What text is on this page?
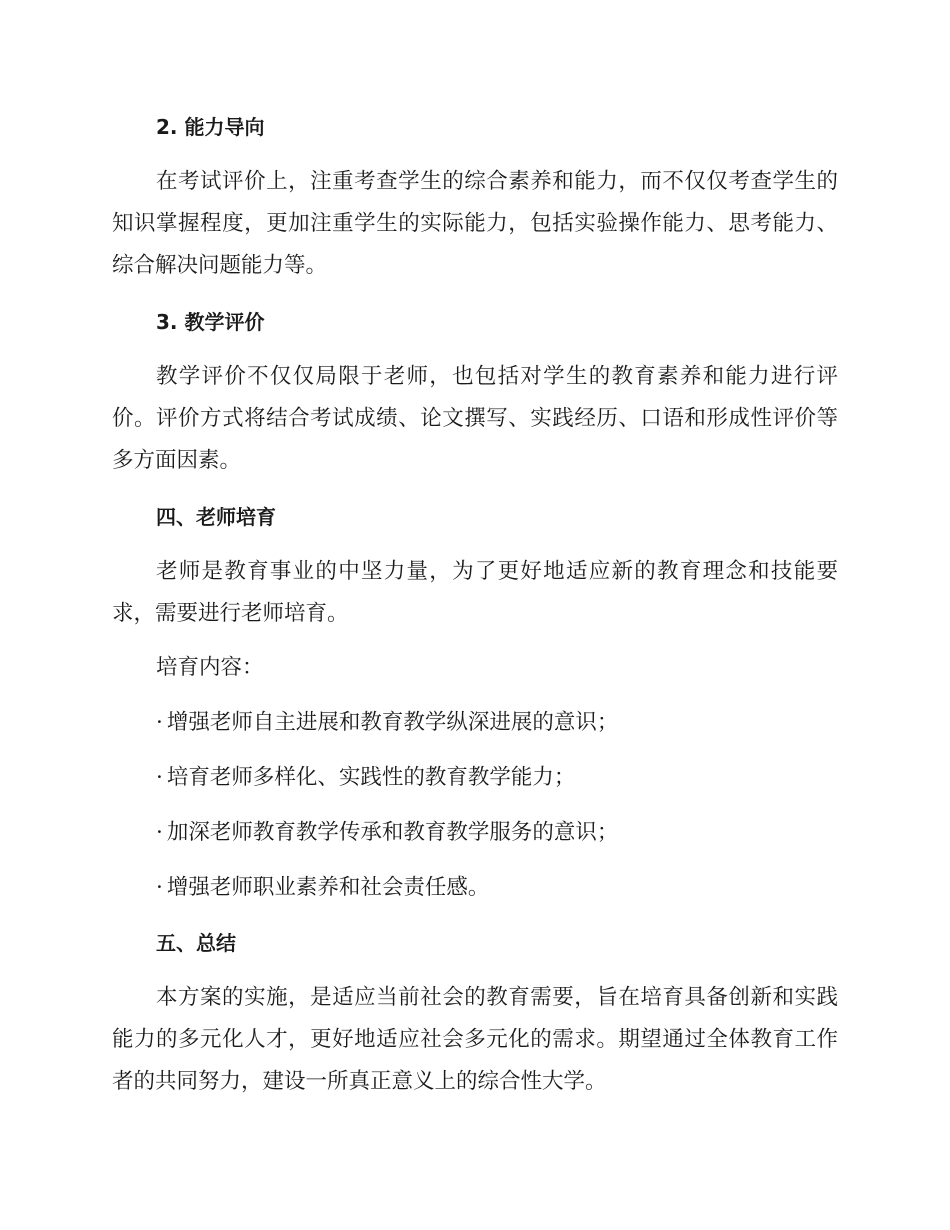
2. 能力导向

在考试评价上，注重考查学生的综合素养和能力，而不仅仅考查学生的知识掌握程度，更加注重学生的实际能力，包括实验操作能力、思考能力、综合解决问题能力等。

3. 教学评价

教学评价不仅仅局限于老师，也包括对学生的教育素养和能力进行评价。评价方式将结合考试成绩、论文撰写、实践经历、口语和形成性评价等多方面因素。

四、老师培育

老师是教育事业的中坚力量，为了更好地适应新的教育理念和技能要求，需要进行老师培育。

培育内容：
· 增强老师自主进展和教育教学纵深进展的意识；
· 培育老师多样化、实践性的教育教学能力；
· 加深老师教育教学传承和教育教学服务的意识；
· 增强老师职业素养和社会责任感。
五、总结

本方案的实施，是适应当前社会的教育需要，旨在培育具备创新和实践能力的多元化人才，更好地适应社会多元化的需求。期望通过全体教育工作者的共同努力，建设一所真正意义上的综合性大学。
